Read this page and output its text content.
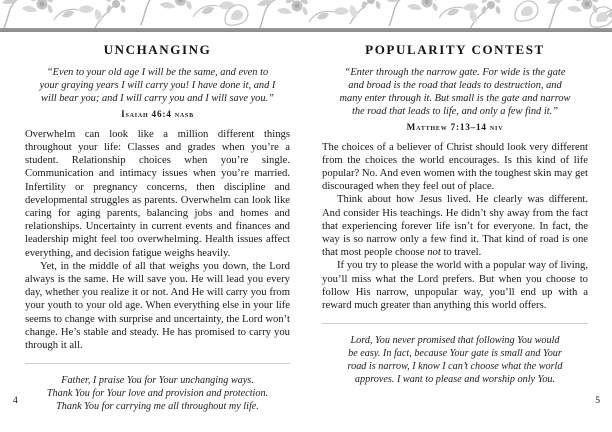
UNCHANGING
“Even to your old age I will be the same, and even to
your graying years I will carry you! I have done it, and I
will bear you; and I will carry you and I will save you.”
Isaiah 46:4 nasb

Overwhelm can look like a million different things throughout your life: Classes and grades when you’re a student. Relationship choices when you’re single. Communication and intimacy issues when you’re married. Infertility or pregnancy concerns, then discipline and developmental struggles as parents. Overwhelm can look like caring for aging parents, balancing jobs and homes and relationships. Uncertainty in current events and finances and leadership might feel too overwhelming. Health issues affect everything, and decision fatigue weighs heavily.

Yet, in the middle of all that weighs you down, the Lord always is the same. He will save you. He will lead you every day, whether you realize it or not. And He will carry you from your youth to your old age. When everything else in your life seems to change with surprise and uncertainty, the Lord won’t change. He’s stable and steady. He has promised to carry you through it all.

Father, I praise You for Your unchanging ways.
Thank You for Your love and provision and protection.
Thank You for carrying me all throughout my life.
POPULARITY CONTEST
“Enter through the narrow gate. For wide is the gate
and broad is the road that leads to destruction, and
many enter through it. But small is the gate and narrow
the road that leads to life, and only a few find it.”
Matthew 7:13–14 niv

The choices of a believer of Christ should look very different from the choices the world encourages. Is this kind of life popular? No. And even women with the toughest skin may get discouraged when they feel out of place.

Think about how Jesus lived. He clearly was different. And consider His teachings. He didn’t shy away from the fact that experiencing forever life isn’t for everyone. In fact, the way is so narrow only a few find it. That kind of road is one that most people choose not to travel.

If you try to please the world with a popular way of living, you’ll miss what the Lord prefers. But when you choose to follow His narrow, unpopular way, you’ll end up with a reward much greater than anything this world offers.

Lord, You never promised that following You would
be easy. In fact, because Your gate is small and Your
road is narrow, I know I can’t choose what the world
approves. I want to please and worship only You.
4	5
